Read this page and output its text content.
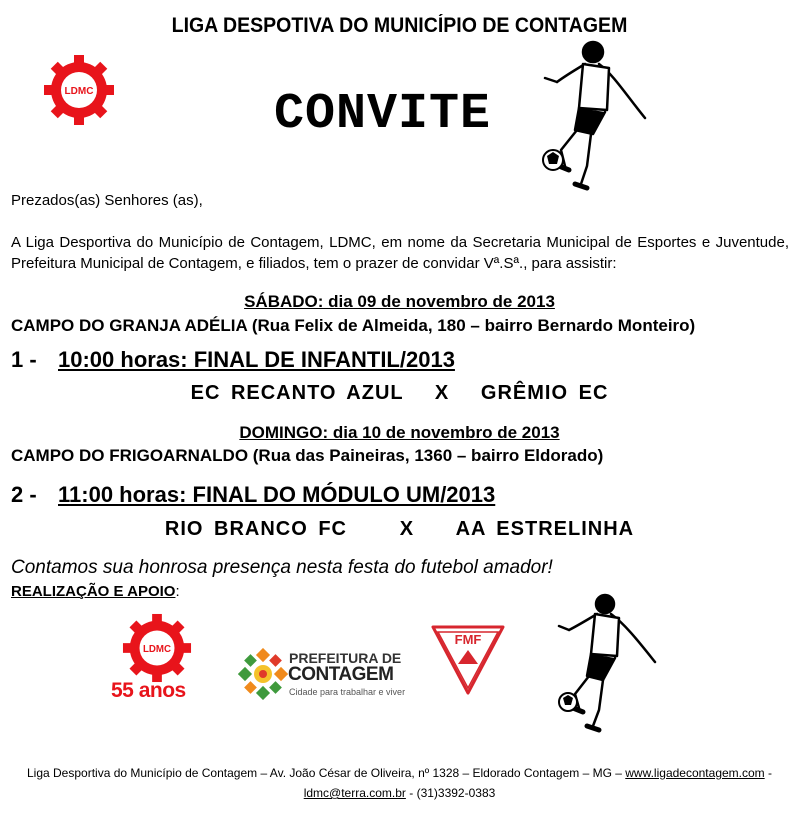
LIGA DESPOTIVA DO MUNICÍPIO DE CONTAGEM
LDMC	CONVITE
Prezados(as) Senhores (as),
A Liga Desportiva do Município de Contagem, LDMC, em nome da Secretaria Municipal de Esportes e Juventude, Prefeitura Municipal de Contagem, e filiados, tem o prazer de convidar Vª.Sª., para assistir:
SÁBADO: dia 09 de novembro de 2013
CAMPO DO GRANJA ADÉLIA (Rua Felix de Almeida, 180 – bairro Bernardo Monteiro)
1 - 10:00 horas: FINAL DE INFANTIL/2013
EC RECANTO AZUL   X   GRÊMIO EC
DOMINGO: dia 10 de novembro de 2013
CAMPO DO FRIGOARNALDO (Rua das Paineiras, 1360 – bairro Eldorado)
2 - 11:00 horas: FINAL DO MÓDULO UM/2013
RIO BRANCO FC     X    AA ESTRELINHA
Contamos sua honrosa presença nesta festa do futebol amador!
REALIZAÇÃO E APOIO:
LDMC
55 anos
PREFEITURA DE
CONTAGEM
Cidade para trabalhar e viver
FMF
Liga Desportiva do Município de Contagem – Av. João César de Oliveira, nº 1328 – Eldorado Contagem – MG – www.ligadecontagem.com -
ldmc@terra.com.br - (31)3392-0383
